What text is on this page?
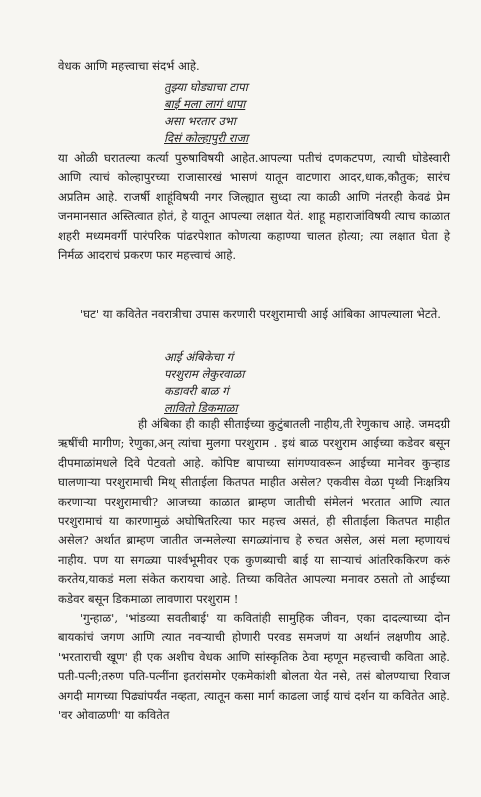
वेधक आणि महत्त्वाचा संदर्भ आहे.

तुझ्या घोड्याचा टापा
बाई मला लागं धापा
असा भरतार उभा
दिसं कोल्हापुरी राजा

या ओळी घरातल्या कर्त्या पुरुषाविषयी आहेत.आपल्या पतीचं दणकटपण, त्याची घोडेस्वारी आणि त्याचं कोल्हापुरच्या राजासारखं भासणं यातून वाटणारा आदर,धाक,कौतुक; सारंच अप्रतिम आहे. राजर्षी शाहूंविषयी नगर जिल्ह्यात सुध्दा त्या काळी आणि नंतरही केवढं प्रेम जनमानसात अस्तित्वात होतं, हे यातून आपल्या लक्षात येतं. शाहू महाराजांविषयी त्याच काळात शहरी मध्यमवर्गी पारंपरिक पांढरपेशात कोणत्या कहाण्या चालत होत्या; त्या लक्षात घेता हे निर्मळ आदराचं प्रकरण फार महत्त्वाचं आहे.

'घट' या कवितेत नवरात्रीचा उपास करणारी परशुरामाची आई आंबिका आपल्याला भेटते.

आई अंबिकेचा गं
परशुराम लेकुरवाळा
कडावरी बाळ गं
लावितो डिकमाळा

ही अंबिका ही काही सीताईच्या कुटुंबातली नाहीय,ती रेणुकाच आहे. जमदग्री ऋषींची मागीण; रेणुका,अन् त्यांचा मुलगा परशुराम . इथं बाळ परशुराम आईच्या कडेवर बसून दीपमाळांमधले दिवे पेटवतो आहे. कोपिष्ट बापाच्या सांगण्यावरून आईच्या मानेवर कुऱ्हाड घालणाऱ्या परशुरामाची मिथ् सीताईला कितपत माहीत असेल? एकवीस वेळा पृथ्वी निःक्षत्रिय करणाऱ्या परशुरामाची? आजच्या काळात ब्राम्हण जातीची संमेलनं भरतात आणि त्यात परशुरामाचं या कारणामुळं अघोषितरित्या फार महत्त्व असतं, ही सीताईला कितपत माहीत असेल? अर्थात ब्राम्हण जातीत जन्मलेल्या सगळ्यांनाच हे रुचत असेल, असं मला म्हणायचं नाहीय. पण या सगळ्या पार्श्वभूमीवर एक कुणब्याची बाई या साऱ्याचं आंतरिककिरण करुं करतेय,याकडं मला संकेत करायचा आहे. तिच्या कवितेत आपल्या मनावर ठसतो तो आईच्या कडेवर बसून डिकमाळा लावणारा परशुराम !

'गुन्हाळ', 'भांडव्या सवतीबाई' या कवितांही सामुहिक जीवन, एका दादल्याच्या दोन बायकांचं जगण आणि त्यात नवऱ्याची होणारी परवड समजणं या अर्थानं लक्षणीय आहे. 'भरताराची खूण' ही एक अशीच वेधक आणि सांस्कृतिक ठेवा म्हणून महत्त्वाची कविता आहे. पती-पत्नी;तरुण पति-पत्नींना इतरांसमोर एकमेकांशी बोलता येत नसे, तसं बोलण्याचा रिवाज अगदी मागच्या पिढ्यांपर्यंत नव्हता, त्यातून कसा मार्ग काढला जाई याचं दर्शन या कवितेत आहे. 'वर ओवाळणी' या कवितेत
